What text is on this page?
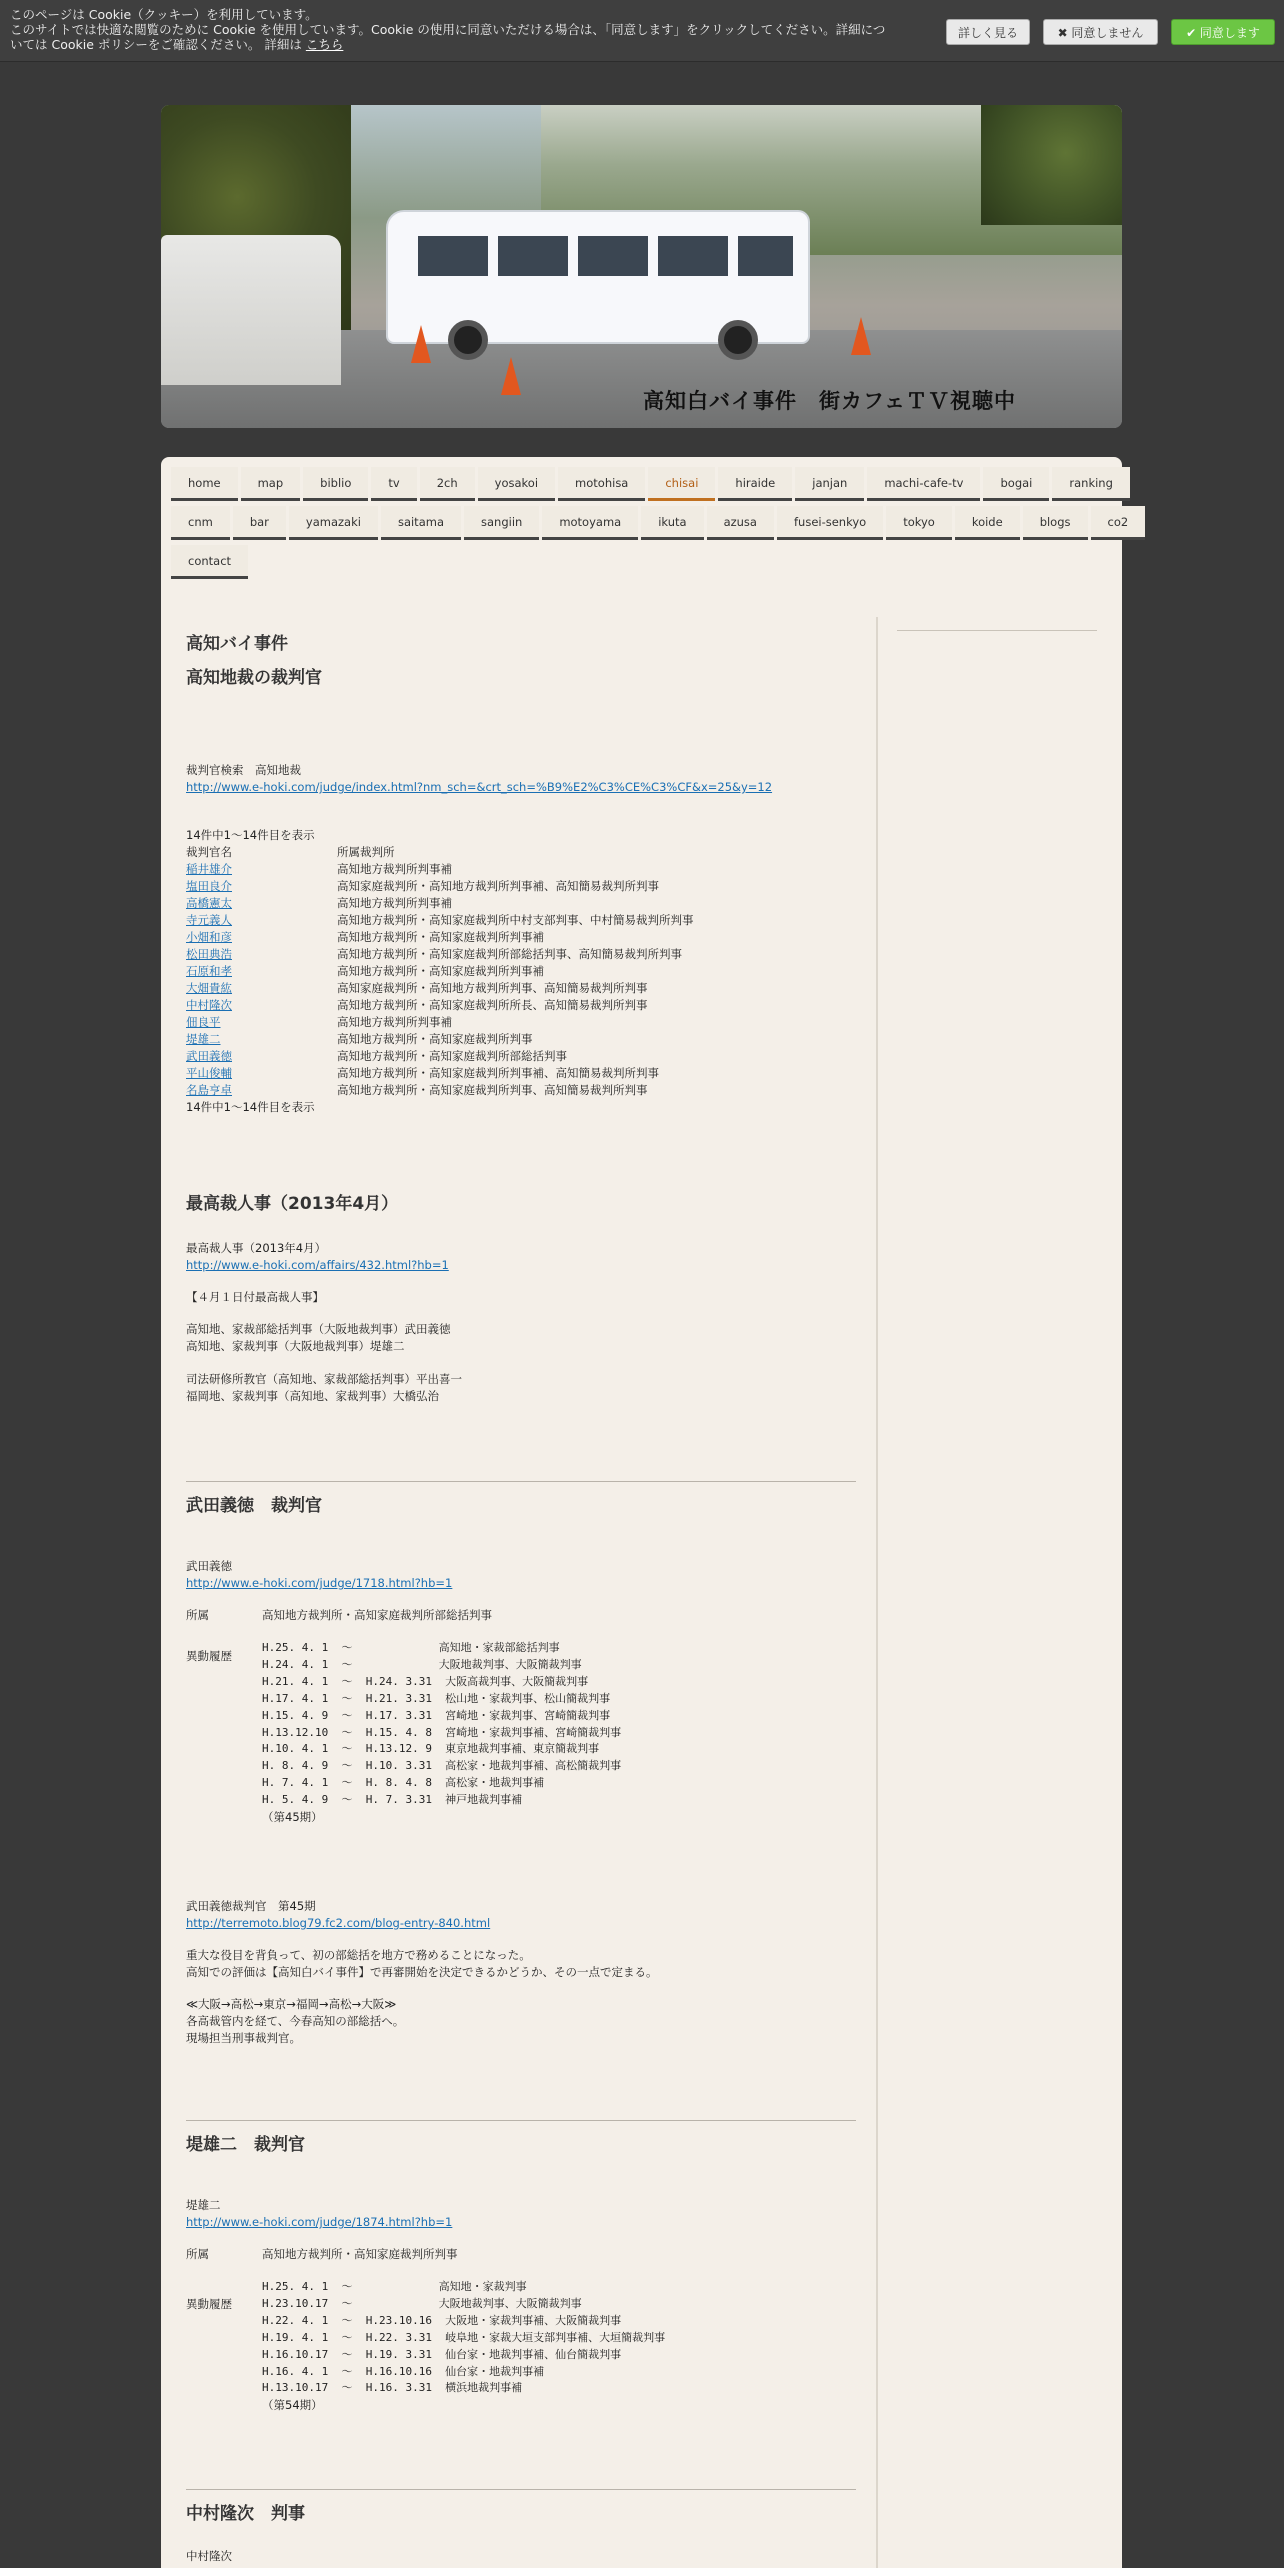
このページは Cookie（クッキー）を利用しています。
このサイトでは快適な閲覧のために Cookie を使用しています。Cookie の使用に同意いただける場合は、「同意します」をクリックしてください。詳細につ
いては Cookie ポリシーをご確認ください。 詳細は こちら
詳しく見る	✖ 同意しません	✔ 同意します
高知白バイ事件　街カフェＴＶ視聴中
home	map	biblio	tv	2ch	yosakoi	motohisa	chisai	hiraide	janjan	machi-cafe-tv	bogai	ranking
cnm	bar	yamazaki	saitama	sangiin	motoyama	ikuta	azusa	fusei-senkyo	tokyo	koide	blogs	co2
contact
高知バイ事件
高知地裁の裁判官
裁判官検索　高知地裁
http://www.e-hoki.com/judge/index.html?nm_sch=&crt_sch=%B9%E2%C3%CE%C3%CF&x=25&y=12
14件中1～14件目を表示
裁判官名	所属裁判所
稲井雄介	高知地方裁判所判事補
塩田良介	高知家庭裁判所・高知地方裁判所判事補、高知簡易裁判所判事
高橋憲太	高知地方裁判所判事補
寺元義人	高知地方裁判所・高知家庭裁判所中村支部判事、中村簡易裁判所判事
小畑和彦	高知地方裁判所・高知家庭裁判所判事補
松田典浩	高知地方裁判所・高知家庭裁判所部総括判事、高知簡易裁判所判事
石原和孝	高知地方裁判所・高知家庭裁判所判事補
大畑貴紘	高知家庭裁判所・高知地方裁判所判事、高知簡易裁判所判事
中村隆次	高知地方裁判所・高知家庭裁判所所長、高知簡易裁判所判事
佃良平	高知地方裁判所判事補
堤雄二	高知地方裁判所・高知家庭裁判所判事
武田義徳	高知地方裁判所・高知家庭裁判所部総括判事
平山俊輔	高知地方裁判所・高知家庭裁判所判事補、高知簡易裁判所判事
名島亨卓	高知地方裁判所・高知家庭裁判所判事、高知簡易裁判所判事
14件中1～14件目を表示
最高裁人事（2013年4月）
最高裁人事（2013年4月）
http://www.e-hoki.com/affairs/432.html?hb=1
【４月１日付最高裁人事】
高知地、家裁部総括判事（大阪地裁判事）武田義徳
高知地、家裁判事（大阪地裁判事）堤雄二
司法研修所教官（高知地、家裁部総括判事）平出喜一
福岡地、家裁判事（高知地、家裁判事）大橋弘治
武田義徳　裁判官
武田義徳
http://www.e-hoki.com/judge/1718.html?hb=1
所属	高知地方裁判所・高知家庭裁判所部総括判事
異動履歴
H.25. 4. 1  ～             高知地・家裁部総括判事
H.24. 4. 1  ～             大阪地裁判事、大阪簡裁判事
H.21. 4. 1  ～  H.24. 3.31  大阪高裁判事、大阪簡裁判事
H.17. 4. 1  ～  H.21. 3.31  松山地・家裁判事、松山簡裁判事
H.15. 4. 9  ～  H.17. 3.31  宮崎地・家裁判事、宮崎簡裁判事
H.13.12.10  ～  H.15. 4. 8  宮崎地・家裁判事補、宮崎簡裁判事
H.10. 4. 1  ～  H.13.12. 9  東京地裁判事補、東京簡裁判事
H. 8. 4. 9  ～  H.10. 3.31  高松家・地裁判事補、高松簡裁判事
H. 7. 4. 1  ～  H. 8. 4. 8  高松家・地裁判事補
H. 5. 4. 9  ～  H. 7. 3.31  神戸地裁判事補
（第45期）
武田義徳裁判官　第45期
http://terremoto.blog79.fc2.com/blog-entry-840.html
重大な役目を背負って、初の部総括を地方で務めることになった。
高知での評価は【高知白バイ事件】で再審開始を決定できるかどうか、その一点で定まる。
≪大阪→高松→東京→福岡→高松→大阪≫
各高裁管内を経て、今春高知の部総括へ。
現場担当刑事裁判官。
堤雄二　裁判官
堤雄二
http://www.e-hoki.com/judge/1874.html?hb=1
所属	高知地方裁判所・高知家庭裁判所判事
異動履歴
H.25. 4. 1  ～             高知地・家裁判事
H.23.10.17  ～             大阪地裁判事、大阪簡裁判事
H.22. 4. 1  ～  H.23.10.16  大阪地・家裁判事補、大阪簡裁判事
H.19. 4. 1  ～  H.22. 3.31  岐阜地・家裁大垣支部判事補、大垣簡裁判事
H.16.10.17  ～  H.19. 3.31  仙台家・地裁判事補、仙台簡裁判事
H.16. 4. 1  ～  H.16.10.16  仙台家・地裁判事補
H.13.10.17  ～  H.16. 3.31  横浜地裁判事補
（第54期）
中村隆次　判事
中村隆次
